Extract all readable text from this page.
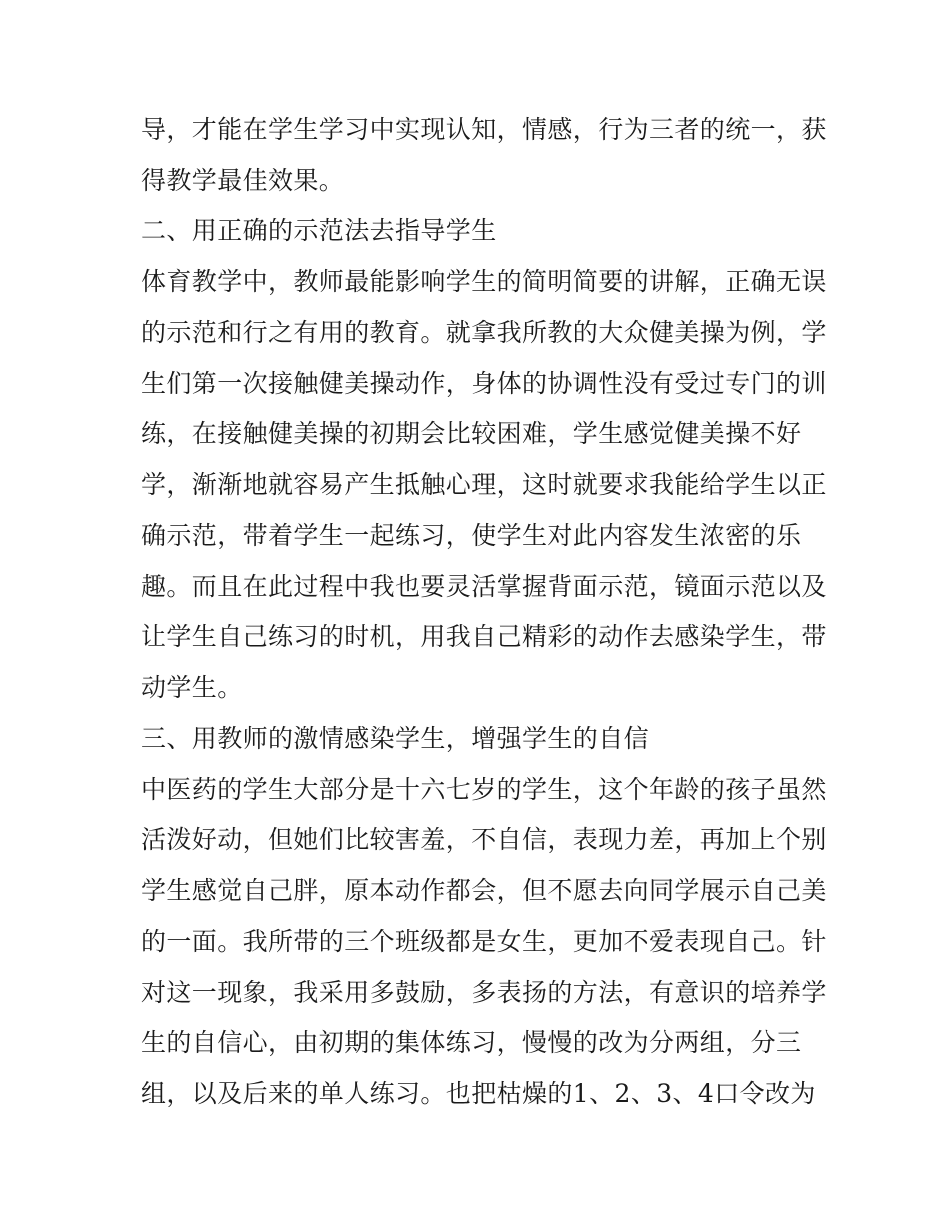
导，才能在学生学习中实现认知，情感，行为三者的统一，获
得教学最佳效果。
二、用正确的示范法去指导学生
体育教学中，教师最能影响学生的简明简要的讲解，正确无误
的示范和行之有用的教育。就拿我所教的大众健美操为例，学
生们第一次接触健美操动作，身体的协调性没有受过专门的训
练，在接触健美操的初期会比较困难，学生感觉健美操不好
学，渐渐地就容易产生抵触心理，这时就要求我能给学生以正
确示范，带着学生一起练习，使学生对此内容发生浓密的乐
趣。而且在此过程中我也要灵活掌握背面示范，镜面示范以及
让学生自己练习的时机，用我自己精彩的动作去感染学生，带
动学生。
三、用教师的激情感染学生，增强学生的自信
中医药的学生大部分是十六七岁的学生，这个年龄的孩子虽然
活泼好动，但她们比较害羞，不自信，表现力差，再加上个别
学生感觉自己胖，原本动作都会，但不愿去向同学展示自己美
的一面。我所带的三个班级都是女生，更加不爱表现自己。针
对这一现象，我采用多鼓励，多表扬的方法，有意识的培养学
生的自信心，由初期的集体练习，慢慢的改为分两组，分三
组，以及后来的单人练习。也把枯燥的1、2、3、4口令改为
